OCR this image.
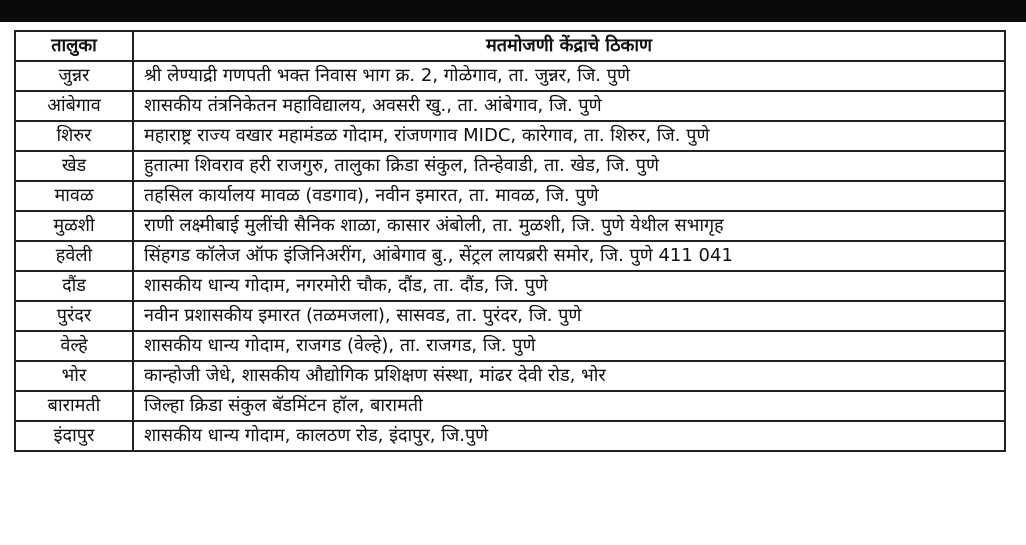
तालुका	मतमोजणी केंद्राचे ठिकाण
जुन्नर	श्री लेण्याद्री गणपती भक्त निवास भाग क्र. 2, गोळेगाव, ता. जुन्नर, जि. पुणे
आंबेगाव	शासकीय तंत्रनिकेतन महाविद्यालय, अवसरी खु., ता. आंबेगाव, जि. पुणे
शिरुर	महाराष्ट्र राज्य वखार महामंडळ गोदाम, रांजणगाव MIDC, कारेगाव, ता. शिरुर, जि. पुणे
खेड	हुतात्मा शिवराव हरी राजगुरु, तालुका क्रिडा संकुल, तिन्हेवाडी, ता. खेड, जि. पुणे
मावळ	तहसिल कार्यालय मावळ (वडगाव), नवीन इमारत, ता. मावळ, जि. पुणे
मुळशी	राणी लक्ष्मीबाई मुलींची सैनिक शाळा, कासार अंबोली, ता. मुळशी, जि. पुणे येथील सभागृह
हवेली	सिंहगड कॉलेज ऑफ इंजिनिअरींग, आंबेगाव बु., सेंट्रल लायब्ररी समोर, जि. पुणे 411 041
दौंड	शासकीय धान्य गोदाम, नगरमोरी चौक, दौंड, ता. दौंड, जि. पुणे
पुरंदर	नवीन प्रशासकीय इमारत (तळमजला), सासवड, ता. पुरंदर, जि. पुणे
वेल्हे	शासकीय धान्य गोदाम, राजगड (वेल्हे), ता. राजगड, जि. पुणे
भोर	कान्होजी जेधे, शासकीय औद्योगिक प्रशिक्षण संस्था, मांढर देवी रोड, भोर
बारामती	जिल्हा क्रिडा संकुल बॅडमिंटन हॉल, बारामती
इंदापुर	शासकीय धान्य गोदाम, कालठण रोड, इंदापुर, जि.पुणे
